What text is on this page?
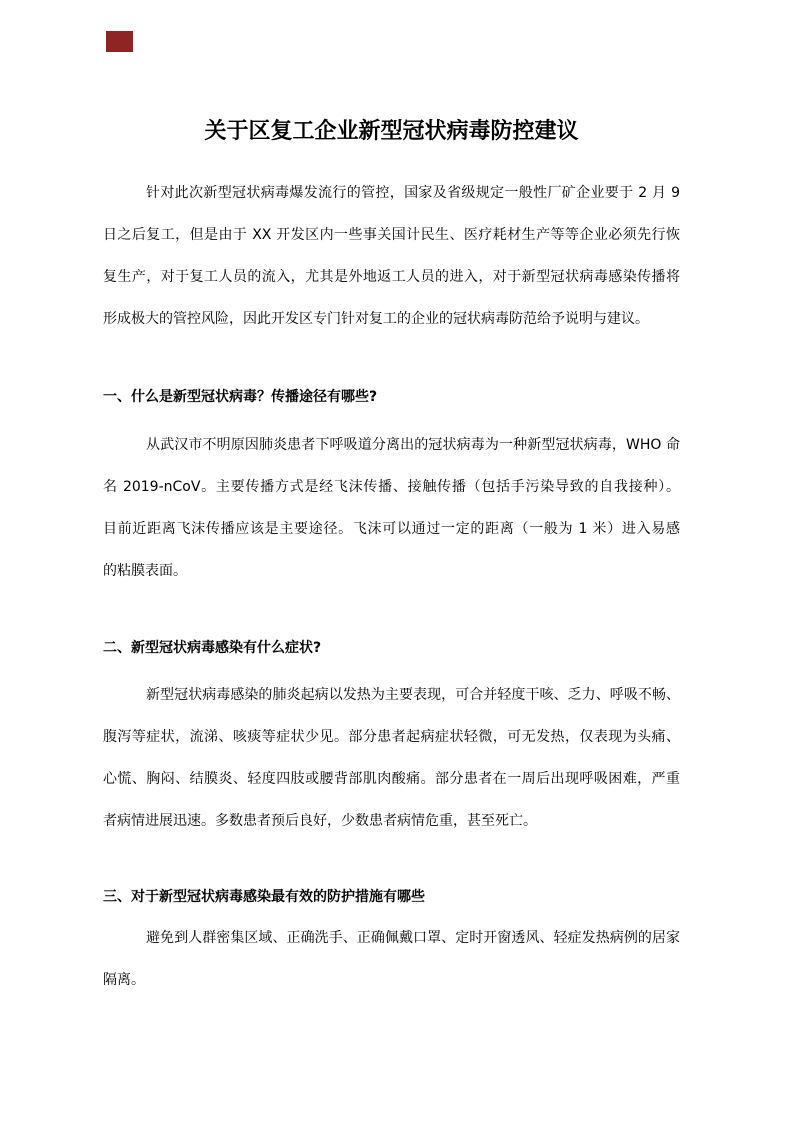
关于区复工企业新型冠状病毒防控建议
针对此次新型冠状病毒爆发流行的管控，国家及省级规定一般性厂矿企业要于 2 月 9
日之后复工，但是由于 XX 开发区内一些事关国计民生、医疗耗材生产等等企业必须先行恢
复生产，对于复工人员的流入，尤其是外地返工人员的进入，对于新型冠状病毒感染传播将
形成极大的管控风险，因此开发区专门针对复工的企业的冠状病毒防范给予说明与建议。
一、什么是新型冠状病毒？传播途径有哪些?
从武汉市不明原因肺炎患者下呼吸道分离出的冠状病毒为一种新型冠状病毒，WHO 命
名 2019-nCoV。主要传播方式是经飞沫传播、接触传播（包括手污染导致的自我接种）。
目前近距离飞沫传播应该是主要途径。飞沫可以通过一定的距离（一般为 1 米）进入易感
的粘膜表面。
二、新型冠状病毒感染有什么症状?
新型冠状病毒感染的肺炎起病以发热为主要表现，可合并轻度干咳、乏力、呼吸不畅、
腹泻等症状，流涕、咳痰等症状少见。部分患者起病症状轻微，可无发热，仅表现为头痛、
心慌、胸闷、结膜炎、轻度四肢或腰背部肌肉酸痛。部分患者在一周后出现呼吸困难，严重
者病情进展迅速。多数患者预后良好，少数患者病情危重，甚至死亡。
三、对于新型冠状病毒感染最有效的防护措施有哪些
避免到人群密集区域、正确洗手、正确佩戴口罩、定时开窗透风、轻症发热病例的居家
隔离。
